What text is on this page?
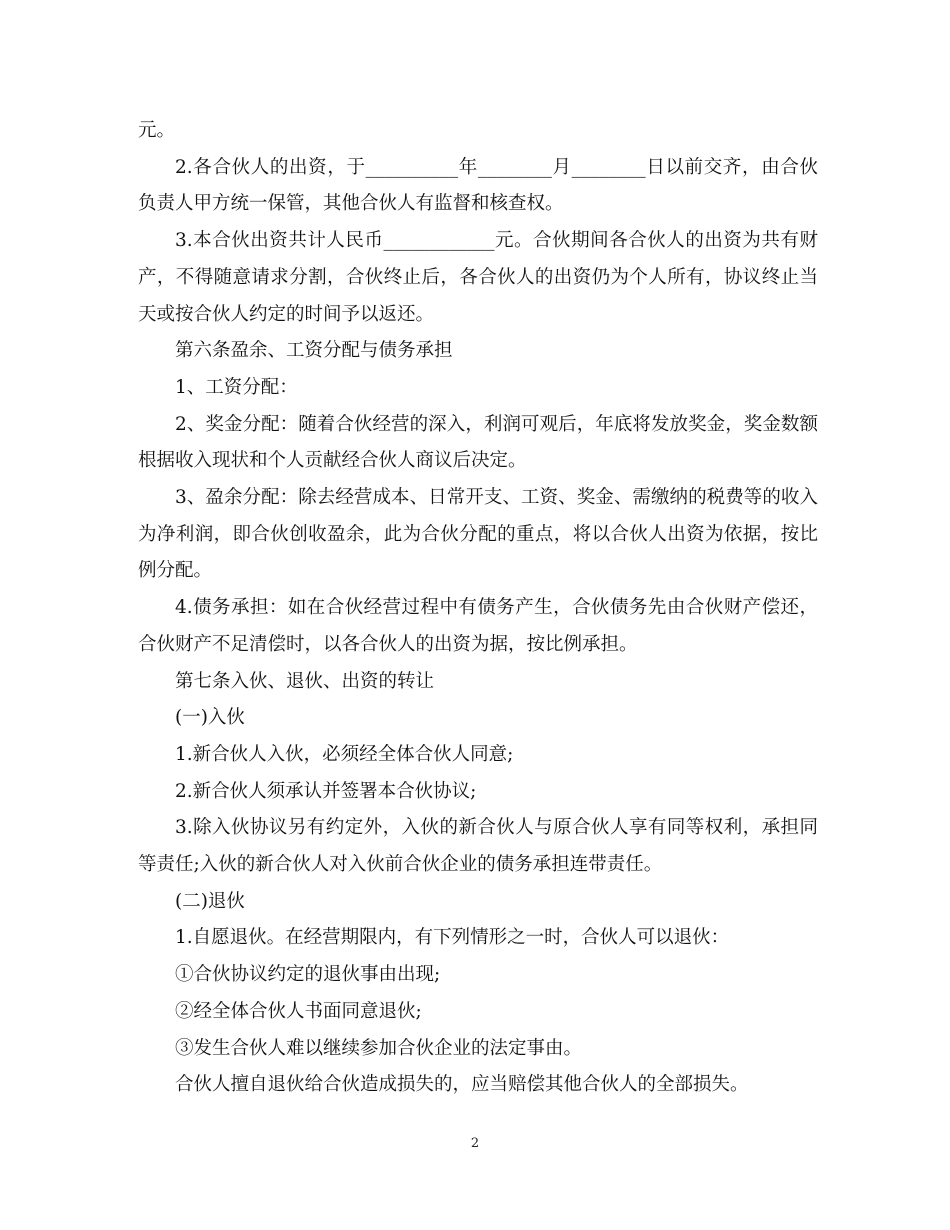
元。

2.各合伙人的出资，于__________年________月________日以前交齐，由合伙负责人甲方统一保管，其他合伙人有监督和核查权。

3.本合伙出资共计人民币____________元。合伙期间各合伙人的出资为共有财产，不得随意请求分割，合伙终止后，各合伙人的出资仍为个人所有，协议终止当天或按合伙人约定的时间予以返还。

第六条盈余、工资分配与债务承担

1、工资分配：

2、奖金分配：随着合伙经营的深入，利润可观后，年底将发放奖金，奖金数额根据收入现状和个人贡献经合伙人商议后决定。

3、盈余分配：除去经营成本、日常开支、工资、奖金、需缴纳的税费等的收入为净利润，即合伙创收盈余，此为合伙分配的重点，将以合伙人出资为依据，按比例分配。

4.债务承担：如在合伙经营过程中有债务产生，合伙债务先由合伙财产偿还，合伙财产不足清偿时，以各合伙人的出资为据，按比例承担。

第七条入伙、退伙、出资的转让

(一)入伙

1.新合伙人入伙，必须经全体合伙人同意;

2.新合伙人须承认并签署本合伙协议;

3.除入伙协议另有约定外，入伙的新合伙人与原合伙人享有同等权利，承担同等责任;入伙的新合伙人对入伙前合伙企业的债务承担连带责任。

(二)退伙

1.自愿退伙。在经营期限内，有下列情形之一时，合伙人可以退伙：

①合伙协议约定的退伙事由出现;

②经全体合伙人书面同意退伙;

③发生合伙人难以继续参加合伙企业的法定事由。

合伙人擅自退伙给合伙造成损失的，应当赔偿其他合伙人的全部损失。

2
